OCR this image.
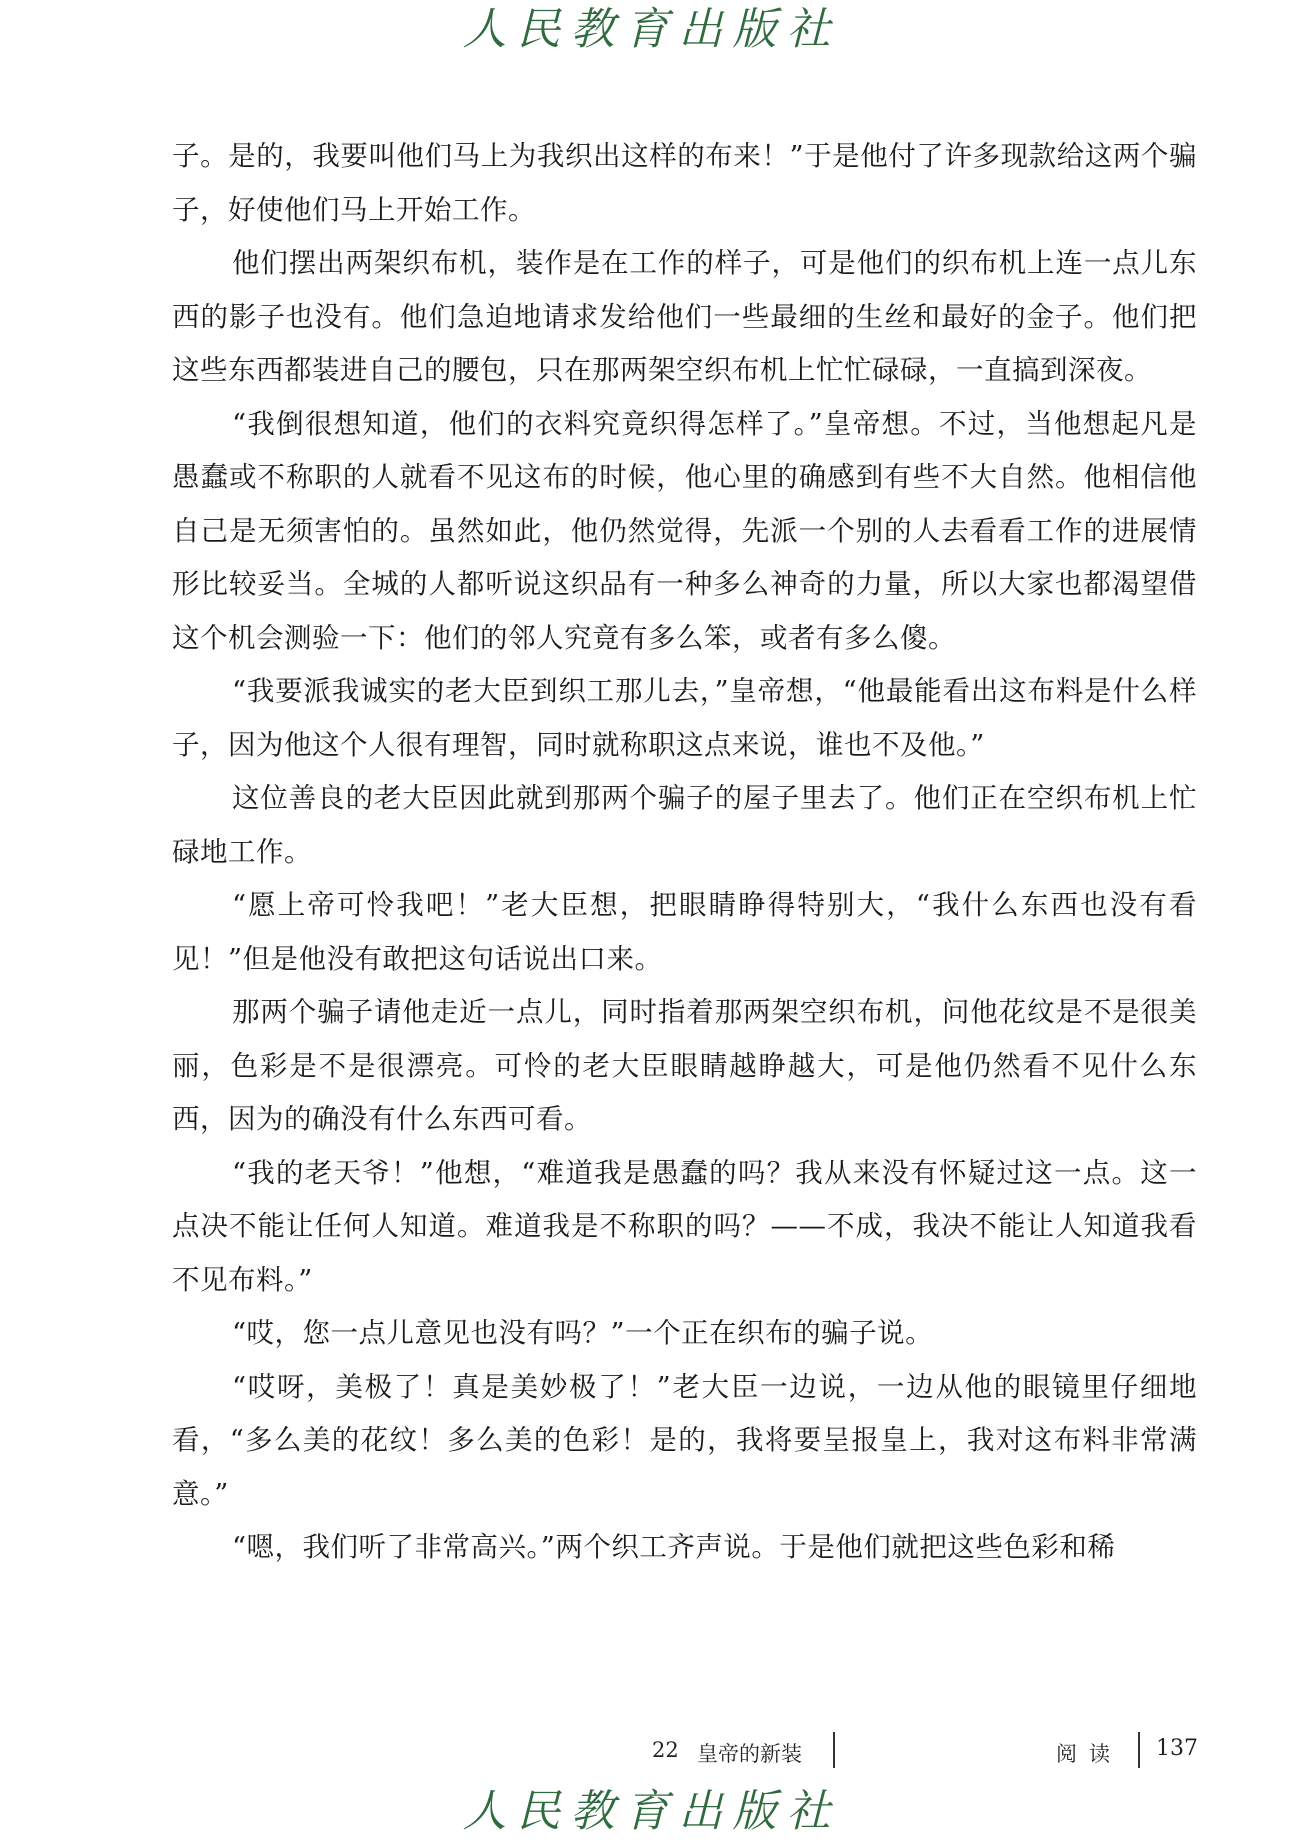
人民教育出版社

子。是的，我要叫他们马上为我织出这样的布来！”于是他付了许多现款给这两个骗子，好使他们马上开始工作。

他们摆出两架织布机，装作是在工作的样子，可是他们的织布机上连一点儿东西的影子也没有。他们急迫地请求发给他们一些最细的生丝和最好的金子。他们把这些东西都装进自己的腰包，只在那两架空织布机上忙忙碌碌，一直搞到深夜。

“我倒很想知道，他们的衣料究竟织得怎样了。”皇帝想。不过，当他想起凡是愚蠢或不称职的人就看不见这布的时候，他心里的确感到有些不大自然。他相信他自己是无须害怕的。虽然如此，他仍然觉得，先派一个别的人去看看工作的进展情形比较妥当。全城的人都听说这织品有一种多么神奇的力量，所以大家也都渴望借这个机会测验一下：他们的邻人究竟有多么笨，或者有多么傻。

“我要派我诚实的老大臣到织工那儿去，”皇帝想，“他最能看出这布料是什么样子，因为他这个人很有理智，同时就称职这点来说，谁也不及他。”

这位善良的老大臣因此就到那两个骗子的屋子里去了。他们正在空织布机上忙碌地工作。

“愿上帝可怜我吧！”老大臣想，把眼睛睁得特别大，“我什么东西也没有看见！”但是他没有敢把这句话说出口来。

那两个骗子请他走近一点儿，同时指着那两架空织布机，问他花纹是不是很美丽，色彩是不是很漂亮。可怜的老大臣眼睛越睁越大，可是他仍然看不见什么东西，因为的确没有什么东西可看。

“我的老天爷！”他想，“难道我是愚蠢的吗？我从来没有怀疑过这一点。这一点决不能让任何人知道。难道我是不称职的吗？——不成，我决不能让人知道我看不见布料。”

“哎，您一点儿意见也没有吗？”一个正在织布的骗子说。

“哎呀，美极了！真是美妙极了！”老大臣一边说，一边从他的眼镜里仔细地看，“多么美的花纹！多么美的色彩！是的，我将要呈报皇上，我对这布料非常满意。”

“嗯，我们听了非常高兴。”两个织工齐声说。于是他们就把这些色彩和稀

22 皇帝的新装	阅读 137
人民教育出版社
